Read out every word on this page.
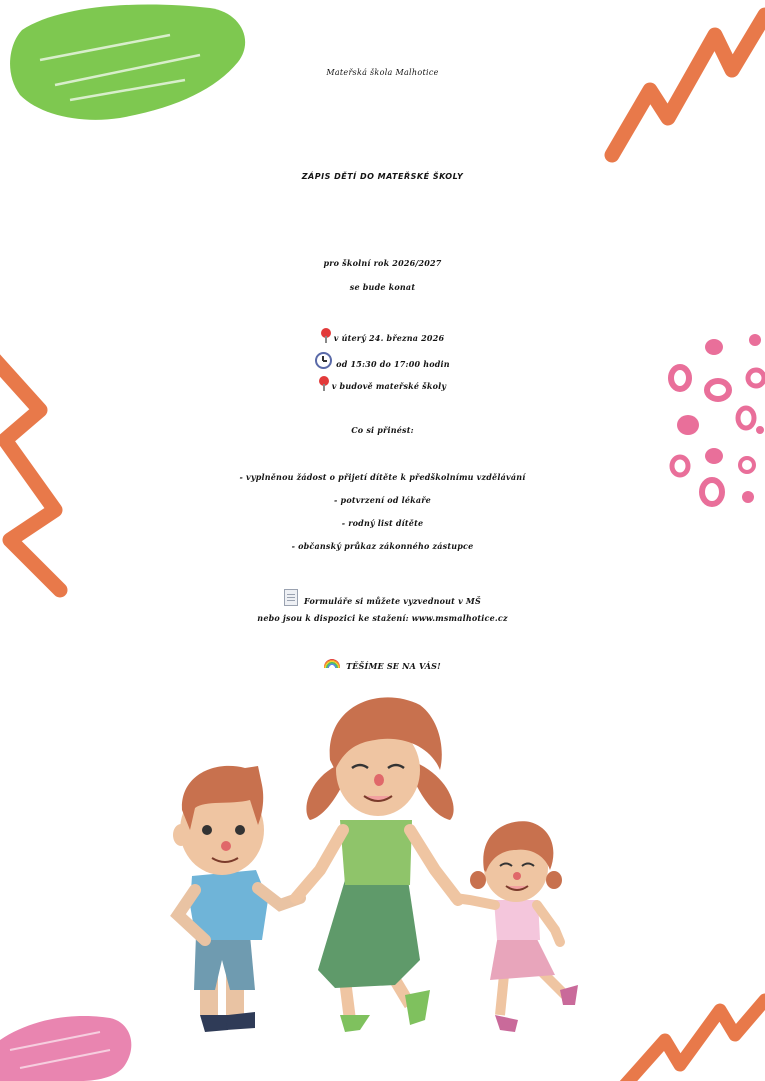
Mateřská škola Malhotice
ZÁPIS DĚTÍ DO MATEŘSKÉ ŠKOLY
pro školní rok 2026/2027
se bude konat
v úterý 24. března 2026
od 15:30 do 17:00 hodin
v budově mateřské školy
Co si přinést:
- vyplněnou žádost o přijetí dítěte k předškolnímu vzdělávání
- potvrzení od lékaře
- rodný list dítěte
- občanský průkaz zákonného zástupce
Formuláře si můžete vyzvednout v MŠ
nebo jsou k dispozici ke stažení: www.msmalhotice.cz
TĚŠÍME SE NA VÁS!
